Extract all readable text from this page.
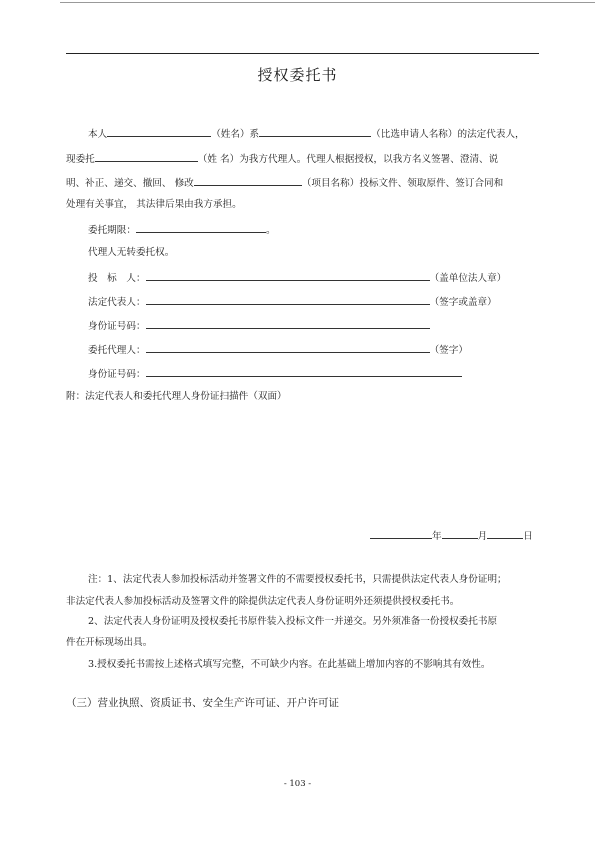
授权委托书
本人	（姓名）系	（比选申请人名称）的法定代表人，
现委托	（姓 名）为我方代理人。代理人根据授权，以我方名义签署、澄清、说
明、补正、递交、撤回、 修改	（项目名称）投标文件、领取原件、签订合同和
处理有关事宜， 其法律后果由我方承担。
委托期限：	。
代理人无转委托权。
投　标　人：	（盖单位法人章）
法定代表人：	（签字或盖章）
身份证号码：
委托代理人：	（签字）
身份证号码：
附：法定代表人和委托代理人身份证扫描件（双面）
年	月	日
注：1、法定代表人参加投标活动并签署文件的不需要授权委托书，只需提供法定代表人身份证明；
非法定代表人参加投标活动及签署文件的除提供法定代表人身份证明外还须提供授权委托书。
2、法定代表人身份证明及授权委托书原件装入投标文件一并递交。另外须准备一份授权委托书原
件在开标现场出具。
3.授权委托书需按上述格式填写完整，不可缺少内容。在此基础上增加内容的不影响其有效性。
（三）营业执照、资质证书、安全生产许可证、开户许可证
- 103 -
